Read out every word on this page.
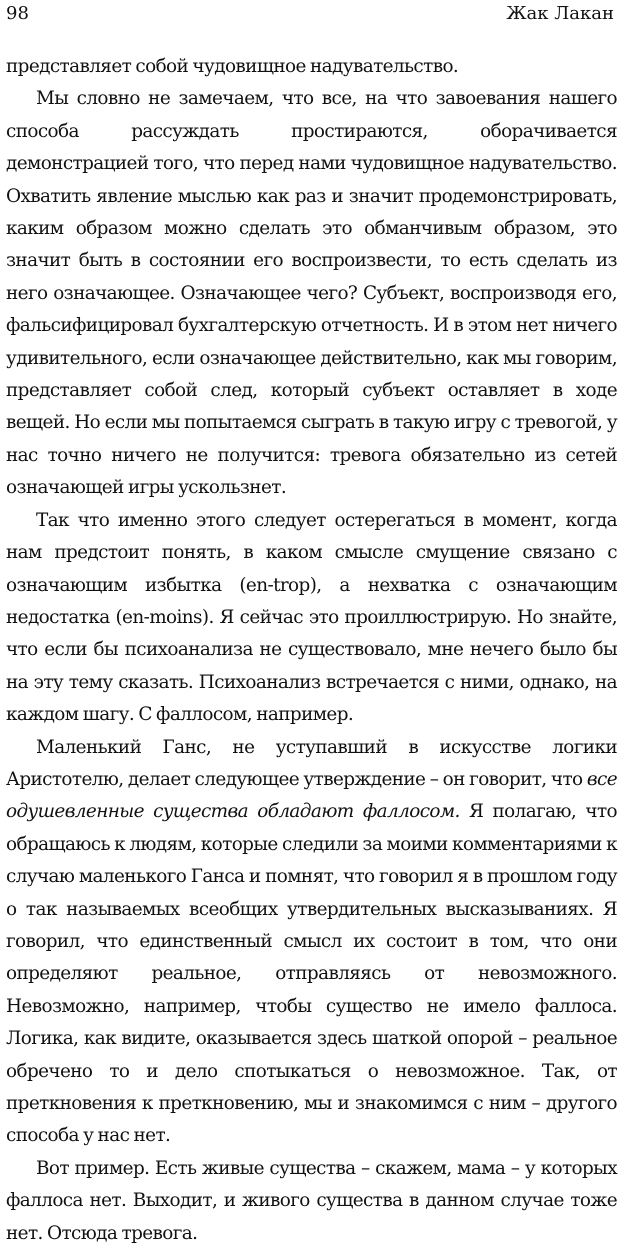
98	Жак Лакан

представляет собой чудовищное надувательство.

Мы словно не замечаем, что все, на что завоевания нашего способа рассуждать простираются, оборачивается демонстрацией того, что перед нами чудовищное надувательство. Охватить явление мыслью как раз и значит продемонстрировать, каким образом можно сделать это обманчивым образом, это значит быть в состоянии его воспроизвести, то есть сделать из него означающее. Означающее чего? Субъект, воспроизводя его, фальсифицировал бухгалтерскую отчетность. И в этом нет ничего удивительного, если означающее действительно, как мы говорим, представляет собой след, который субъект оставляет в ходе вещей. Но если мы попытаемся сыграть в такую игру с тревогой, у нас точно ничего не получится: тревога обязательно из сетей означающей игры ускользнет.

Так что именно этого следует остерегаться в момент, когда нам предстоит понять, в каком смысле смущение связано с означающим избытка (en-trop), а нехватка с означающим недостатка (en-moins). Я сейчас это проиллюстрирую. Но знайте, что если бы психоанализа не существовало, мне нечего было бы на эту тему сказать. Психоанализ встречается с ними, однако, на каждом шагу. С фаллосом, например.

Маленький Ганс, не уступавший в искусстве логики Аристотелю, делает следующее утверждение – он говорит, что все одушевленные существа обладают фаллосом. Я полагаю, что обращаюсь к людям, которые следили за моими комментариями к случаю маленького Ганса и помнят, что говорил я в прошлом году о так называемых всеобщих утвердительных высказываниях. Я говорил, что единственный смысл их состоит в том, что они определяют реальное, отправляясь от невозможного. Невозможно, например, чтобы существо не имело фаллоса. Логика, как видите, оказывается здесь шаткой опорой – реальное обречено то и дело спотыкаться о невозможное. Так, от преткновения к преткновению, мы и знакомимся с ним – другого способа у нас нет.

Вот пример. Есть живые существа – скажем, мама – у которых фаллоса нет. Выходит, и живого существа в данном случае тоже нет. Отсюда тревога.
